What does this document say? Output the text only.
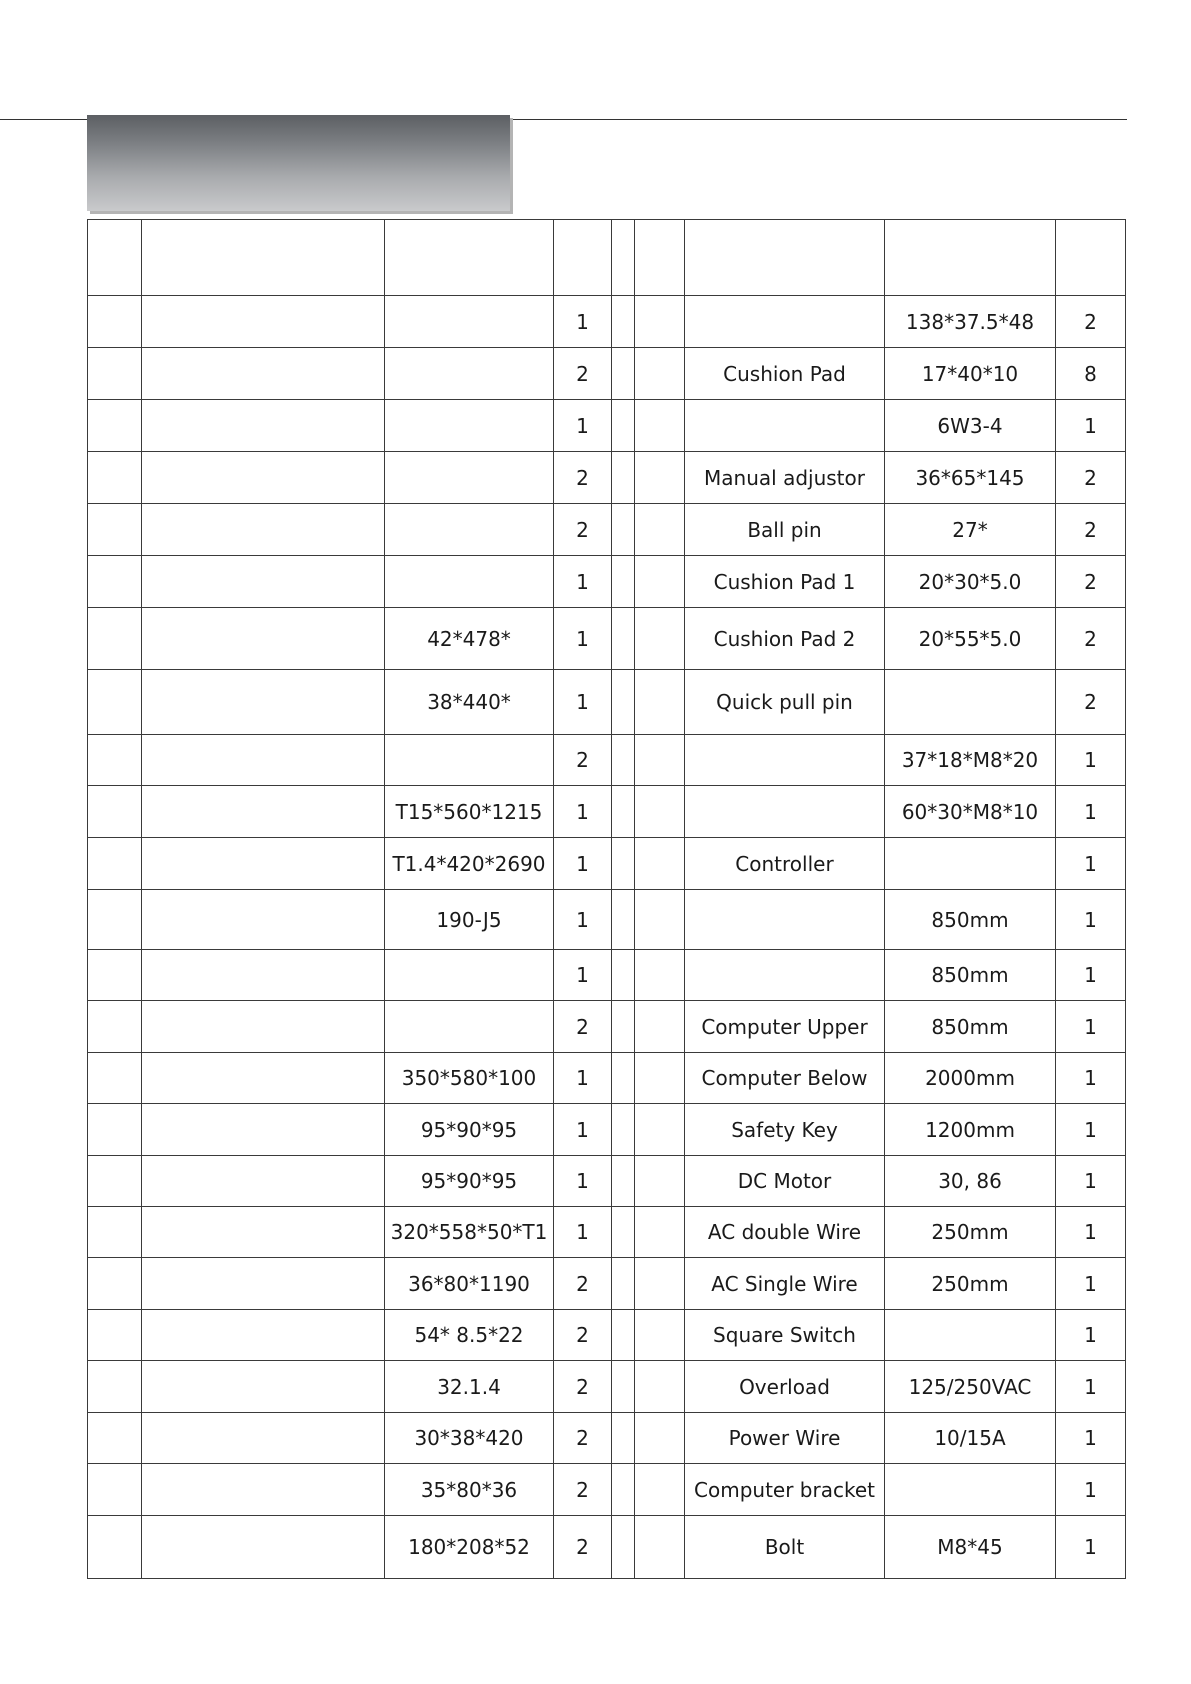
			1				138*37.5*48	2
			2			Cushion Pad	17*40*10	8
			1				6W3-4	1
			2			Manual adjustor	36*65*145	2
			2			Ball pin	27*	2
			1			Cushion Pad 1	20*30*5.0	2
		42*478*	1			Cushion Pad 2	20*55*5.0	2
		38*440*	1			Quick pull pin		2
			2				37*18*M8*20	1
		T15*560*1215	1				60*30*M8*10	1
		T1.4*420*2690	1			Controller		1
		190-J5	1				850mm	1
			1				850mm	1
			2			Computer Upper	850mm	1
		350*580*100	1			Computer Below	2000mm	1
		95*90*95	1			Safety Key	1200mm	1
		95*90*95	1			DC Motor	30, 86	1
		320*558*50*T1	1			AC double Wire	250mm	1
		36*80*1190	2			AC Single Wire	250mm	1
		54* 8.5*22	2			Square Switch		1
		32.1.4	2			Overload	125/250VAC	1
		30*38*420	2			Power Wire	10/15A	1
		35*80*36	2			Computer bracket		1
		180*208*52	2			Bolt	M8*45	1
